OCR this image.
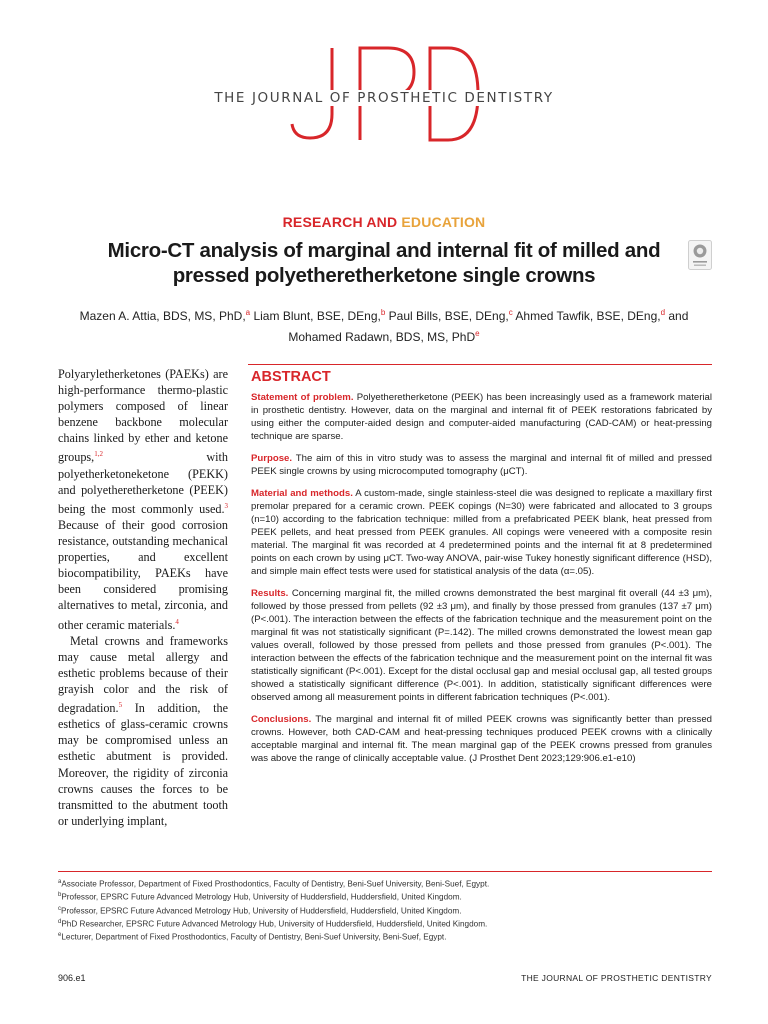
THE JOURNAL OF PROSTHETIC DENTISTRY
RESEARCH AND EDUCATION
Micro-CT analysis of marginal and internal fit of milled and
pressed polyetheretherketone single crowns
Mazen A. Attia, BDS, MS, PhD,$^a$ Liam Blunt, BSE, DEng,$^b$ Paul Bills, BSE, DEng,$^c$ Ahmed Tawfik, BSE, DEng,$^d$ and
Mohamed Radawn, BDS, MS, PhD$^e$

Polyaryletherketones (PAEKs) are high-performance thermo-plastic polymers composed of linear benzene backbone molecular chains linked by ether and ketone groups,$^{1,2}$ with polyetherketoneketone (PEKK) and polyetheretherketone (PEEK) being the most commonly used.$^3$ Because of their good corrosion resistance, outstanding mechanical properties, and excellent biocompatibility, PAEKs have been considered promising alternatives to metal, zirconia, and other ceramic materials.$^4$

Metal crowns and frameworks may cause metal allergy and esthetic problems because of their grayish color and the risk of degradation.$^5$ In addition, the esthetics of glass-ceramic crowns may be compromised unless an esthetic abutment is provided. Moreover, the rigidity of zirconia crowns causes the forces to be transmitted to the abutment tooth or underlying implant,

ABSTRACT

Statement of problem. Polyetheretherketone (PEEK) has been increasingly used as a framework material in prosthetic dentistry. However, data on the marginal and internal fit of PEEK restorations fabricated by using either the computer-aided design and computer-aided manufacturing (CAD-CAM) or heat-pressing technique are sparse.

Purpose. The aim of this in vitro study was to assess the marginal and internal fit of milled and pressed PEEK single crowns by using microcomputed tomography (μCT).

Material and methods. A custom-made, single stainless-steel die was designed to replicate a maxillary first premolar prepared for a ceramic crown. PEEK copings (N=30) were fabricated and allocated to 3 groups (n=10) according to the fabrication technique: milled from a prefabricated PEEK blank, heat pressed from PEEK pellets, and heat pressed from PEEK granules. All copings were veneered with a composite resin material. The marginal fit was recorded at 4 predetermined points and the internal fit at 8 predetermined points on each crown by using μCT. Two-way ANOVA, pair-wise Tukey honestly significant difference (HSD), and simple main effect tests were used for statistical analysis of the data (α=.05).

Results. Concerning marginal fit, the milled crowns demonstrated the best marginal fit overall (44 ±3 μm), followed by those pressed from pellets (92 ±3 μm), and finally by those pressed from granules (137 ±7 μm) (P<.001). The interaction between the effects of the fabrication technique and the measurement point on the marginal fit was not statistically significant (P=.142). The milled crowns demonstrated the lowest mean gap values overall, followed by those pressed from pellets and those pressed from granules (P<.001). The interaction between the effects of the fabrication technique and the measurement point on the internal fit was statistically significant (P<.001). Except for the distal occlusal gap and mesial occlusal gap, all tested groups showed a statistically significant difference (P<.001). In addition, statistically significant differences were observed among all measurement points in different fabrication techniques (P<.001).

Conclusions. The marginal and internal fit of milled PEEK crowns was significantly better than pressed crowns. However, both CAD-CAM and heat-pressing techniques produced PEEK crowns with a clinically acceptable marginal and internal fit. The mean marginal gap of the PEEK crowns pressed from granules was above the range of clinically acceptable value. (J Prosthet Dent 2023;129:906.e1-e10)

$^a$Associate Professor, Department of Fixed Prosthodontics, Faculty of Dentistry, Beni-Suef University, Beni-Suef, Egypt.
$^b$Professor, EPSRC Future Advanced Metrology Hub, University of Huddersfield, Huddersfield, United Kingdom.
$^c$Professor, EPSRC Future Advanced Metrology Hub, University of Huddersfield, Huddersfield, United Kingdom.
$^d$PhD Researcher, EPSRC Future Advanced Metrology Hub, University of Huddersfield, Huddersfield, United Kingdom.
$^e$Lecturer, Department of Fixed Prosthodontics, Faculty of Dentistry, Beni-Suef University, Beni-Suef, Egypt.
906.e1	THE JOURNAL OF PROSTHETIC DENTISTRY
